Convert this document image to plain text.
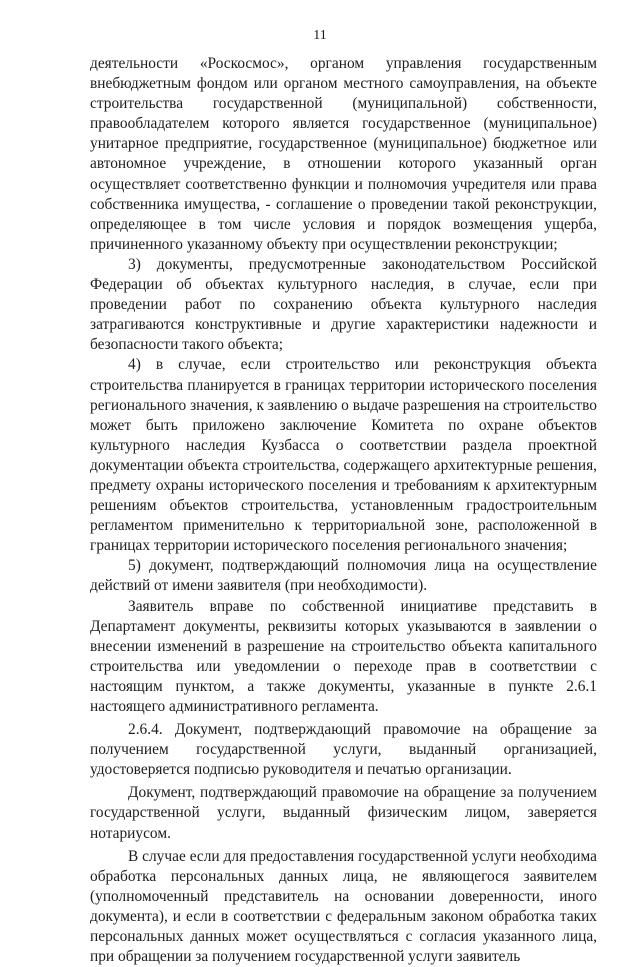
11

деятельности «Роскосмос», органом управления государственным внебюджетным фондом или органом местного самоуправления, на объекте строительства государственной (муниципальной) собственности, правообладателем которого является государственное (муниципальное) унитарное предприятие, государственное (муниципальное) бюджетное или автономное учреждение, в отношении которого указанный орган осуществляет соответственно функции и полномочия учредителя или права собственника имущества, - соглашение о проведении такой реконструкции, определяющее в том числе условия и порядок возмещения ущерба, причиненного указанному объекту при осуществлении реконструкции;

3) документы, предусмотренные законодательством Российской Федерации об объектах культурного наследия, в случае, если при проведении работ по сохранению объекта культурного наследия затрагиваются конструктивные и другие характеристики надежности и безопасности такого объекта;

4) в случае, если строительство или реконструкция объекта строительства планируется в границах территории исторического поселения регионального значения, к заявлению о выдаче разрешения на строительство может быть приложено заключение Комитета по охране объектов культурного наследия Кузбасса о соответствии раздела проектной документации объекта строительства, содержащего архитектурные решения, предмету охраны исторического поселения и требованиям к архитектурным решениям объектов строительства, установленным градостроительным регламентом применительно к территориальной зоне, расположенной в границах территории исторического поселения регионального значения;

5) документ, подтверждающий полномочия лица на осуществление действий от имени заявителя (при необходимости).

Заявитель вправе по собственной инициативе представить в Департамент документы, реквизиты которых указываются в заявлении о внесении изменений в разрешение на строительство объекта капитального строительства или уведомлении о переходе прав в соответствии с настоящим пунктом, а также документы, указанные в пункте 2.6.1 настоящего административного регламента.

2.6.4. Документ, подтверждающий правомочие на обращение за получением государственной услуги, выданный организацией, удостоверяется подписью руководителя и печатью организации.

Документ, подтверждающий правомочие на обращение за получением государственной услуги, выданный физическим лицом, заверяется нотариусом.

В случае если для предоставления государственной услуги необходима обработка персональных данных лица, не являющегося заявителем (уполномоченный представитель на основании доверенности, иного документа), и если в соответствии с федеральным законом обработка таких персональных данных может осуществляться с согласия указанного лица, при обращении за получением государственной услуги заявитель
